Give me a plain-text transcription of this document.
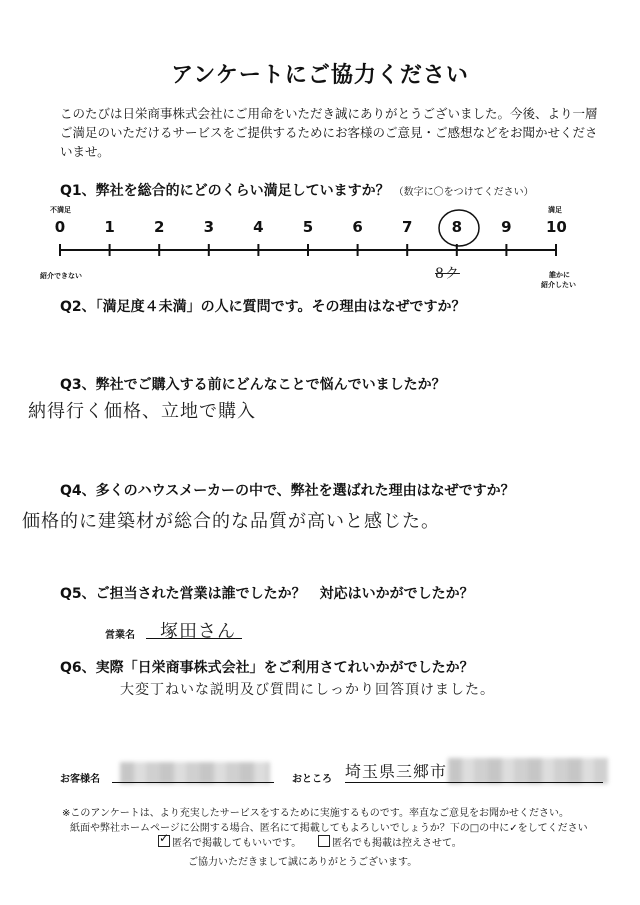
アンケートにご協力ください
このたびは日栄商事株式会社にご用命をいただき誠にありがとうございました。今後、より一層ご満足のいただけるサービスをご提供するためにお客様のご意見・ご感想などをお聞かせくださいませ。
Q1、弊社を総合的にどのくらい満足していますか？ （数字に〇をつけてください）
不満足	満足
0	1	2	3	4	5	6	7	8	9	10
紹介できない	誰かに
紹介したい
8ク
Q2、「満足度４未満」の人に質問です。その理由はなぜですか？
Q3、弊社でご購入する前にどんなことで悩んでいましたか？
納得行く価格、立地で購入
Q4、多くのハウスメーカーの中で、弊社を選ばれた理由はなぜですか？
価格的に建築材が総合的な品質が高いと感じた。
Q5、ご担当された営業は誰でしたか？　対応はいかがでしたか？
営業名 塚田さん
Q6、実際「日栄商事株式会社」をご利用さてれいかがでしたか？
大変丁ねいな説明及び質問にしっかり回答頂けました。
お客様名	おところ 埼玉県三郷市
※このアンケートは、より充実したサービスをするために実施するものです。率直なご意見をお聞かせください。
紙面や弊社ホームページに公開する場合、匿名にて掲載してもよろしいでしょうか？下の□の中に✓をしてください
✓匿名で掲載してもいいです。	匿名でも掲載は控えさせて。
ご協力いただきまして誠にありがとうございます。
